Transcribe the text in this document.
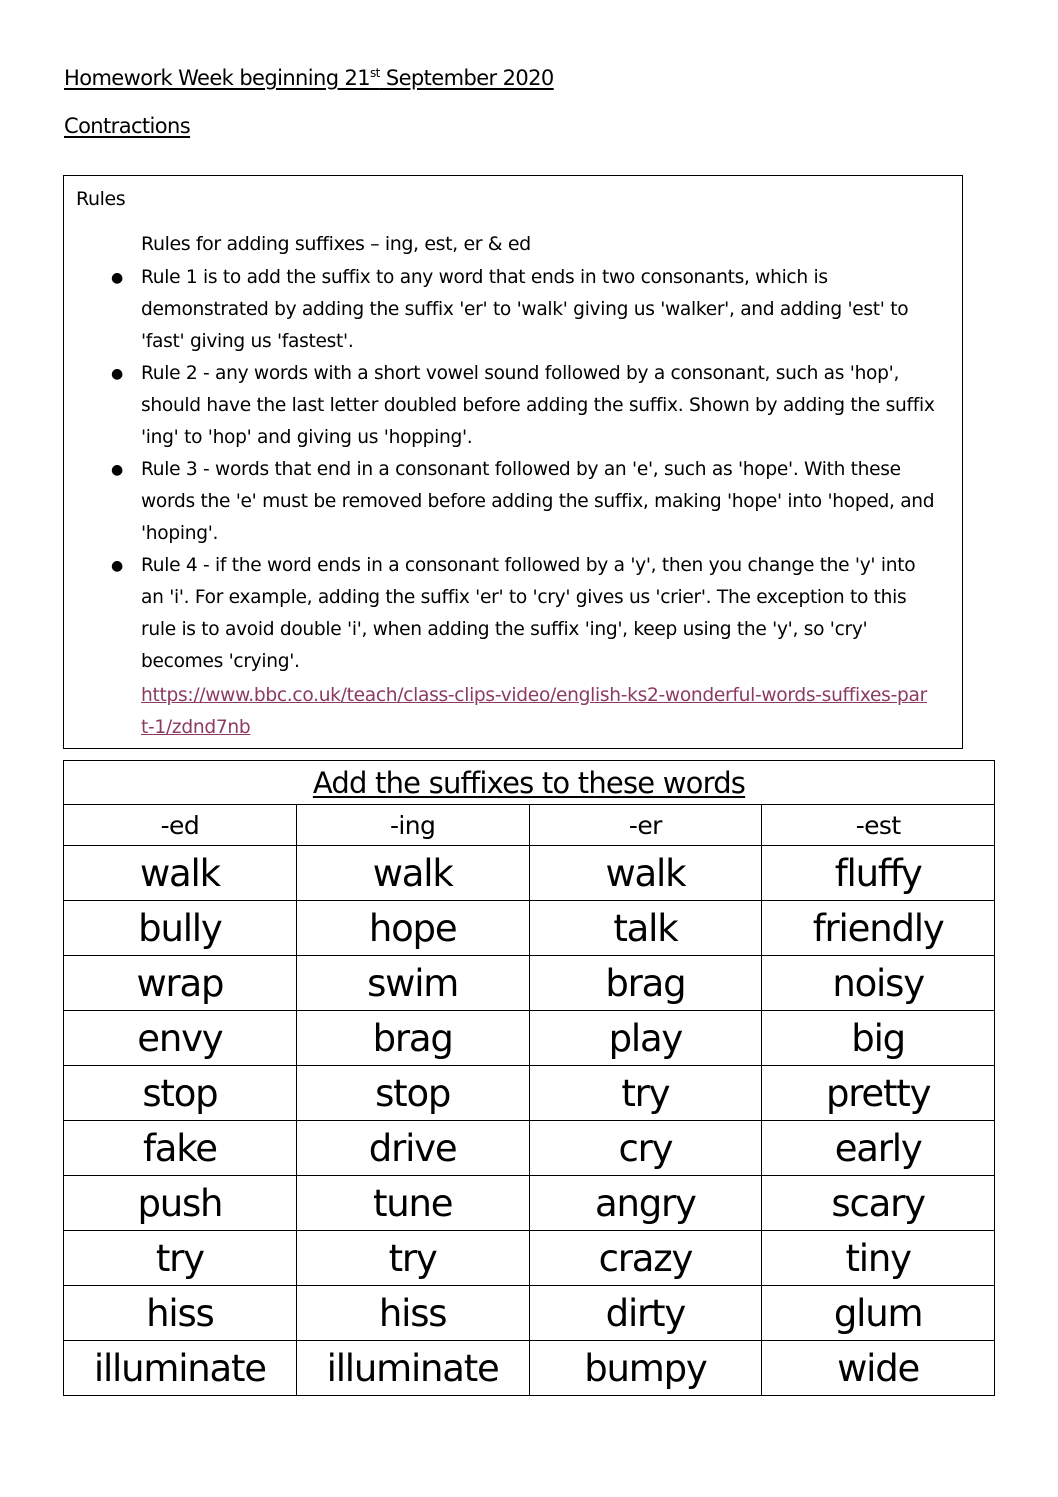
Homework Week beginning 21st September 2020
Contractions
Rules
Rules for adding suffixes – ing, est, er & ed
● Rule 1 is to add the suffix to any word that ends in two consonants, which is demonstrated by adding the suffix 'er' to 'walk' giving us 'walker', and adding 'est' to 'fast' giving us 'fastest'.
● Rule 2 - any words with a short vowel sound followed by a consonant, such as 'hop', should have the last letter doubled before adding the suffix. Shown by adding the suffix 'ing' to 'hop' and giving us 'hopping'.
● Rule 3 - words that end in a consonant followed by an 'e', such as 'hope'. With these words the 'e' must be removed before adding the suffix, making 'hope' into 'hoped, and 'hoping'.
● Rule 4 - if the word ends in a consonant followed by a 'y', then you change the 'y' into an 'i'. For example, adding the suffix 'er' to 'cry' gives us 'crier'. The exception to this rule is to avoid double 'i', when adding the suffix 'ing', keep using the 'y', so 'cry' becomes 'crying'.
https://www.bbc.co.uk/teach/class-clips-video/english-ks2-wonderful-words-suffixes-part-1/zdnd7nb
Add the suffixes to these words			
-ed	-ing	-er	-est
walk	walk	walk	fluffy
bully	hope	talk	friendly
wrap	swim	brag	noisy
envy	brag	play	big
stop	stop	try	pretty
fake	drive	cry	early
push	tune	angry	scary
try	try	crazy	tiny
hiss	hiss	dirty	glum
illuminate	illuminate	bumpy	wide
